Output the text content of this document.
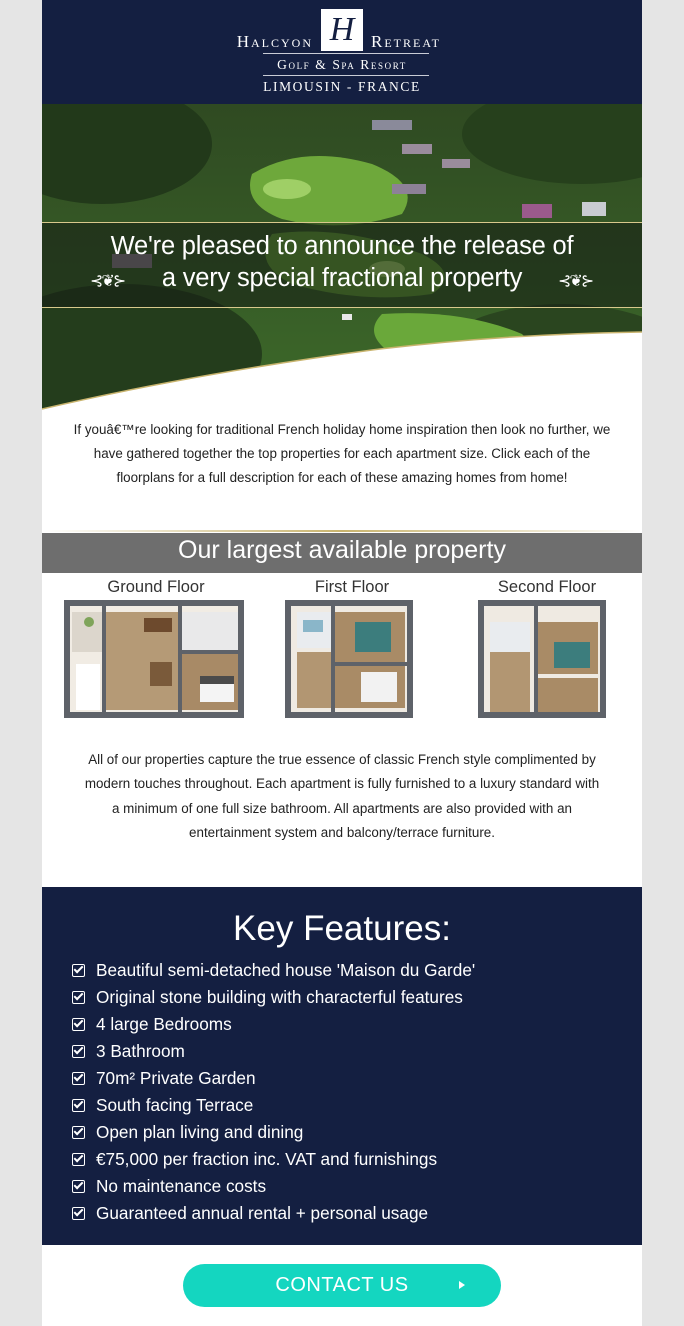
H
Halcyon	Retreat
Golf & Spa Resort
LIMOUSIN - FRANCE
We're pleased to announce the release of
a very special fractional property
⊰❦⊱	⊰❦⊱
If youâ€™re looking for traditional French holiday home inspiration then look no further, we have gathered together the top properties for each apartment size. Click each of the floorplans for a full description for each of these amazing homes from home!
Our largest available property
Ground Floor	First Floor	Second Floor
All of our properties capture the true essence of classic French style complimented by modern touches throughout. Each apartment is fully furnished to a luxury standard with a minimum of one full size bathroom. All apartments are also provided with an entertainment system and balcony/terrace furniture.
Key Features:
Beautiful semi-detached house 'Maison du Garde'
Original stone building with characterful features
4 large Bedrooms
3 Bathroom
70m² Private Garden
South facing Terrace
Open plan living and dining
€75,000 per fraction inc. VAT and furnishings
No maintenance costs
Guaranteed annual rental + personal usage
CONTACT US
